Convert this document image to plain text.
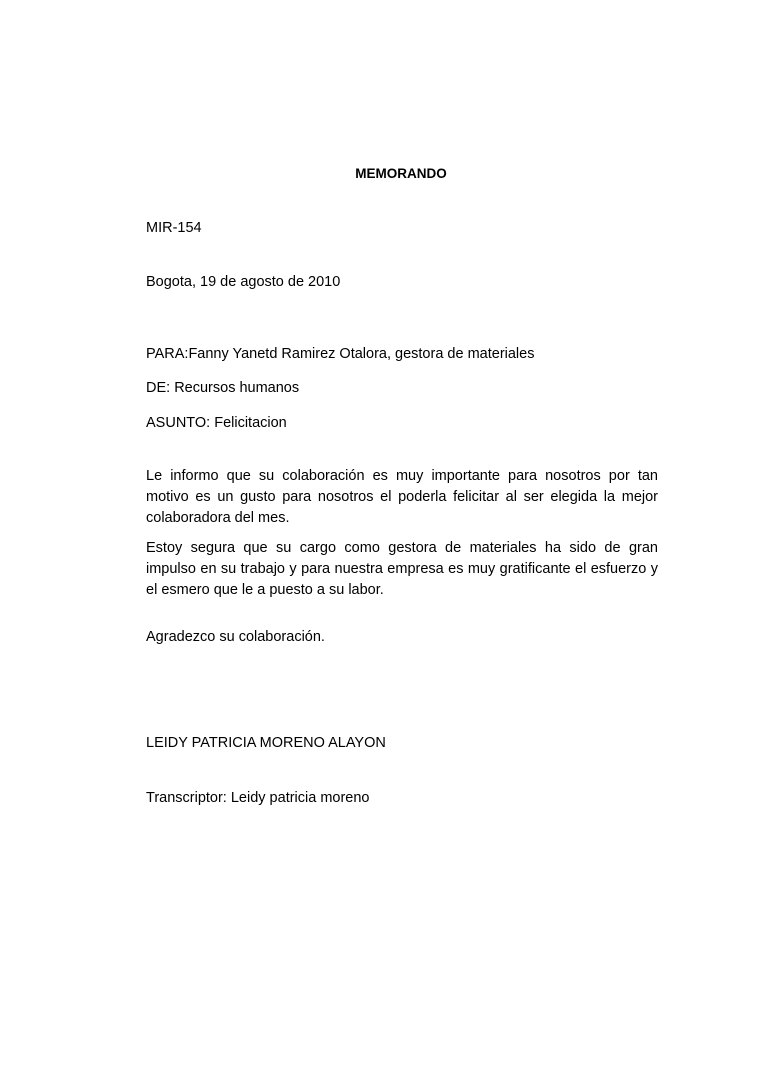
MEMORANDO
MIR-154
Bogota, 19 de agosto de 2010
PARA:Fanny Yanetd Ramirez Otalora, gestora de materiales
DE: Recursos humanos
ASUNTO: Felicitacion
Le informo que su colaboración es muy importante para nosotros por tan motivo es un gusto para nosotros el poderla felicitar al ser elegida la mejor colaboradora del mes.
Estoy segura que su cargo como gestora de materiales ha sido de gran impulso en su trabajo y para nuestra empresa es muy gratificante el esfuerzo y el esmero que le a puesto a su labor.
Agradezco su colaboración.
LEIDY PATRICIA MORENO ALAYON
Transcriptor: Leidy patricia moreno
